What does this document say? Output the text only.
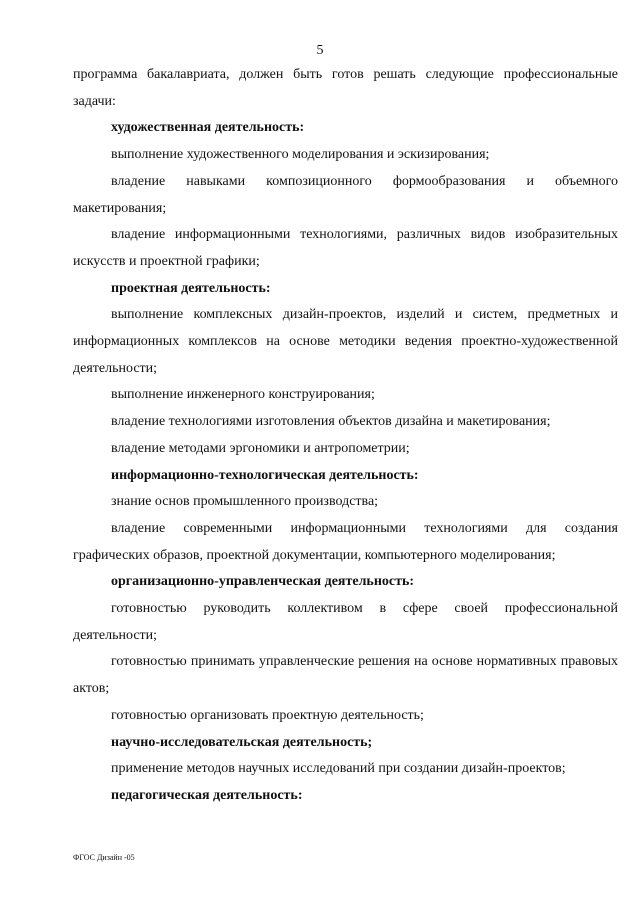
5

программа бакалавриата, должен быть готов решать следующие профессиональные задачи:

художественная деятельность:

выполнение художественного моделирования и эскизирования;

владение навыками композиционного формообразования и объемного макетирования;

владение информационными технологиями, различных видов изобразительных искусств и проектной графики;

проектная деятельность:

выполнение комплексных дизайн-проектов, изделий и систем, предметных и информационных комплексов на основе методики ведения проектно-художественной деятельности;

выполнение инженерного конструирования;

владение технологиями изготовления объектов дизайна и макетирования;

владение методами эргономики и антропометрии;

информационно-технологическая деятельность:

знание основ промышленного производства;

владение современными информационными технологиями для создания графических образов, проектной документации, компьютерного моделирования;

организационно-управленческая деятельность:

готовностью руководить коллективом в сфере своей профессиональной деятельности;

готовностью принимать управленческие решения на основе нормативных правовых актов;

готовностью организовать проектную деятельность;

научно-исследовательская деятельность;

применение методов научных исследований при создании дизайн-проектов;

педагогическая деятельность:

ФГОС Дизайн -05
